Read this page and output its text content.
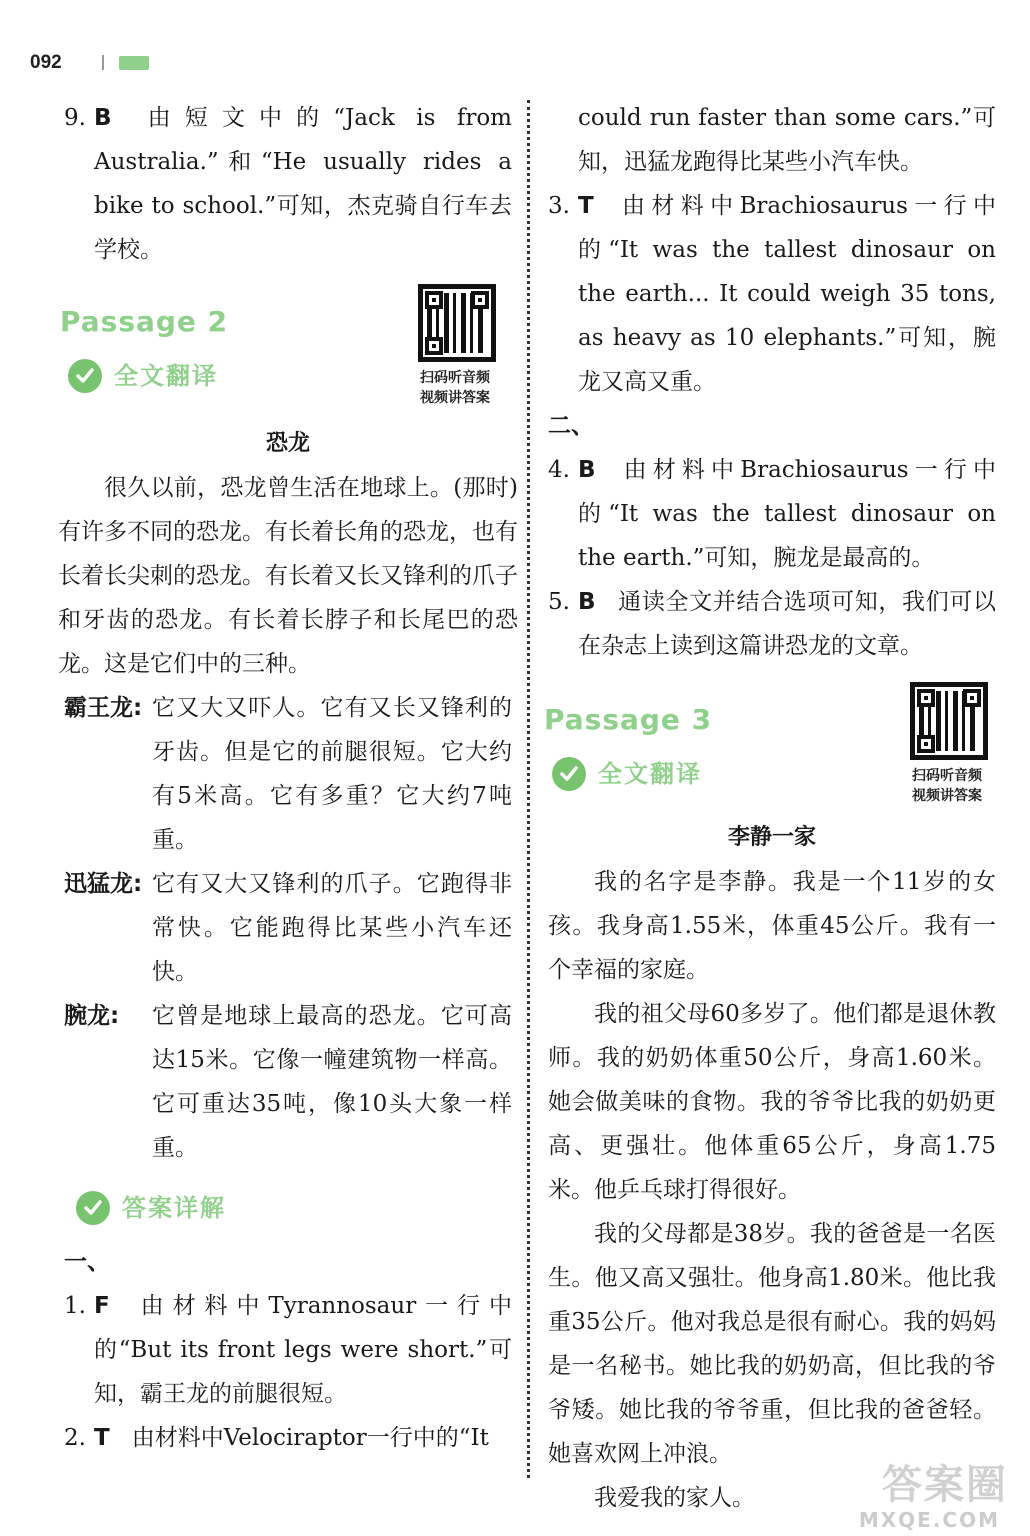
092
9. B 由短文中的“Jack is from Australia.”和“He usually rides a bike to school.”可知，杰克骑自行车去学校。
Passage 2
全文翻译	扫码听音频
视频讲答案
恐龙
很久以前，恐龙曾生活在地球上。(那时)有许多不同的恐龙。有长着长角的恐龙，也有长着长尖刺的恐龙。有长着又长又锋利的爪子和牙齿的恐龙。有长着长脖子和长尾巴的恐龙。这是它们中的三种。
霸王龙: 它又大又吓人。它有又长又锋利的牙齿。但是它的前腿很短。它大约有5米高。它有多重？它大约7吨重。
迅猛龙: 它有又大又锋利的爪子。它跑得非常快。它能跑得比某些小汽车还快。
腕龙:	它曾是地球上最高的恐龙。它可高达15米。它像一幢建筑物一样高。它可重达35吨，像10头大象一样重。
答案详解
一、
1. F 由材料中Tyrannosaur一行中的“But its front legs were short.”可知，霸王龙的前腿很短。
2. T 由材料中Velociraptor一行中的“It
could run faster than some cars.”可知，迅猛龙跑得比某些小汽车快。
3. T 由材料中Brachiosaurus一行中的“It was the tallest dinosaur on the earth... It could weigh 35 tons, as heavy as 10 elephants.”可知，腕龙又高又重。
二、
4. B 由材料中Brachiosaurus一行中的“It was the tallest dinosaur on the earth.”可知，腕龙是最高的。
5. B 通读全文并结合选项可知，我们可以在杂志上读到这篇讲恐龙的文章。
Passage 3
全文翻译	扫码听音频
视频讲答案
李静一家
我的名字是李静。我是一个11岁的女孩。我身高1.55米，体重45公斤。我有一个幸福的家庭。
我的祖父母60多岁了。他们都是退休教师。我的奶奶体重50公斤，身高1.60米。她会做美味的食物。我的爷爷比我的奶奶更高、更强壮。他体重65公斤，身高1.75米。他乒乓球打得很好。
我的父母都是38岁。我的爸爸是一名医生。他又高又强壮。他身高1.80米。他比我重35公斤。他对我总是很有耐心。我的妈妈是一名秘书。她比我的奶奶高，但比我的爷爷矮。她比我的爷爷重，但比我的爸爸轻。她喜欢网上冲浪。
我爱我的家人。	答案圈
MXQE.COM
